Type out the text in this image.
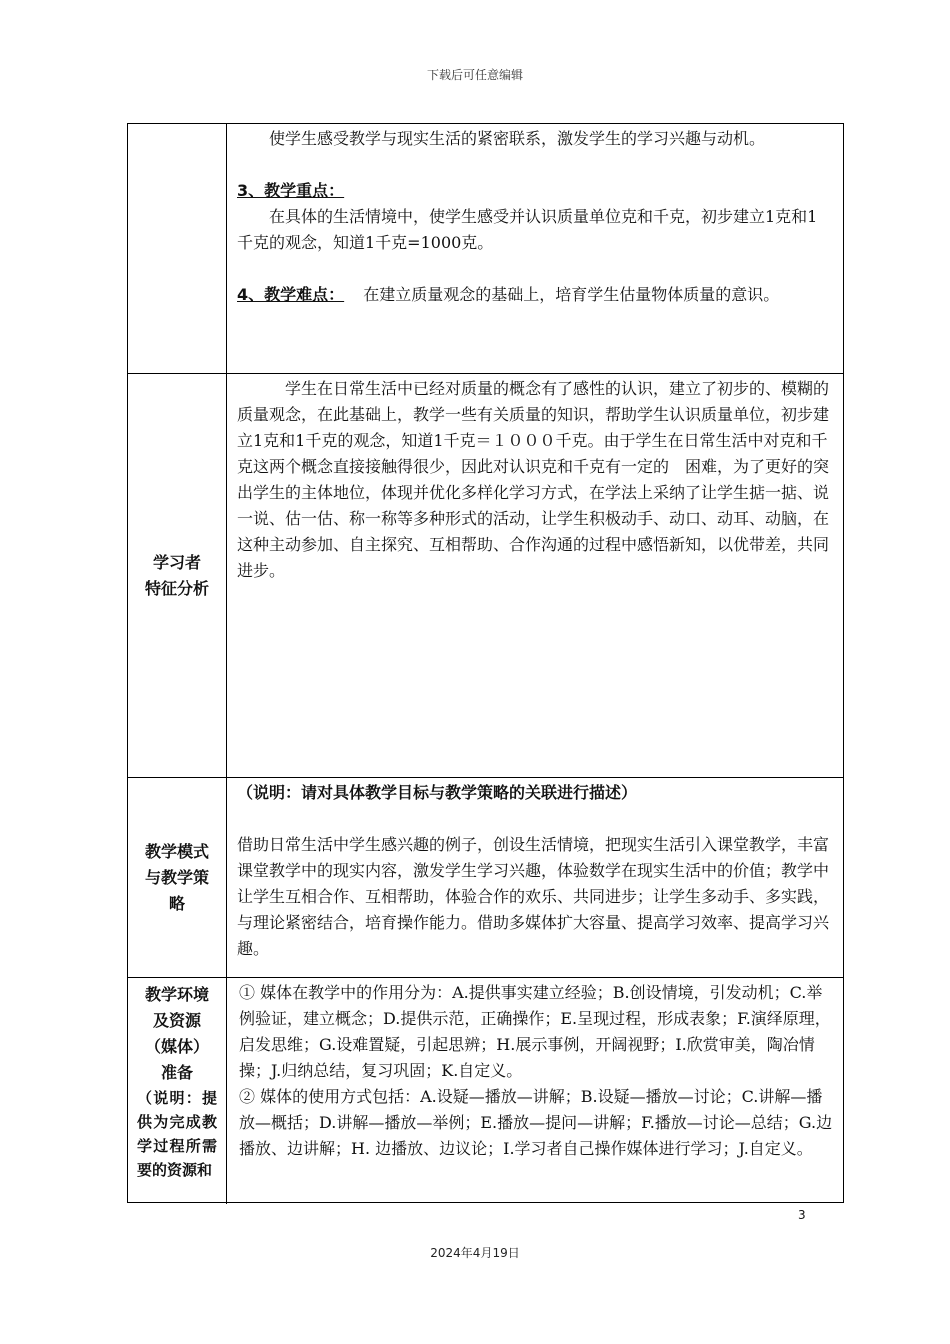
下载后可任意编辑

使学生感受教学与现实生活的紧密联系，激发学生的学习兴趣与动机。

3、教学重点：

在具体的生活情境中，使学生感受并认识质量单位克和千克，初步建立1克和1千克的观念，知道1千克=1000克。

4、教学难点： 在建立质量观念的基础上，培育学生估量物体质量的意识。

学习者
特征分析

学生在日常生活中已经对质量的概念有了感性的认识，建立了初步的、模糊的质量观念，在此基础上，教学一些有关质量的知识，帮助学生认识质量单位，初步建立1克和1千克的观念，知道1千克＝１０００千克。由于学生在日常生活中对克和千克这两个概念直接接触得很少，因此对认识克和千克有一定的　困难，为了更好的突出学生的主体地位，体现并优化多样化学习方式，在学法上采纳了让学生掂一掂、说一说、估一估、称一称等多种形式的活动，让学生积极动手、动口、动耳、动脑，在这种主动参加、自主探究、互相帮助、合作沟通的过程中感悟新知，以优带差，共同进步。

教学模式
与教学策
略

（说明：请对具体教学目标与教学策略的关联进行描述）

借助日常生活中学生感兴趣的例子，创设生活情境，把现实生活引入课堂教学，丰富课堂教学中的现实内容，激发学生学习兴趣，体验数学在现实生活中的价值；教学中让学生互相合作、互相帮助，体验合作的欢乐、共同进步；让学生多动手、多实践，与理论紧密结合，培育操作能力。借助多媒体扩大容量、提高学习效率、提高学习兴趣。

教学环境
及资源
（媒体）
准备
（说明：提供为完成教学过程所需要的资源和

① 媒体在教学中的作用分为：A.提供事实建立经验；B.创设情境，引发动机；C.举例验证，建立概念；D.提供示范，正确操作；E.呈现过程，形成表象；F.演绎原理，启发思维；G.设难置疑，引起思辨；H.展示事例，开阔视野；I.欣赏审美，陶冶情操；J.归纳总结，复习巩固；K.自定义。

② 媒体的使用方式包括：A.设疑—播放—讲解；B.设疑—播放—讨论；C.讲解—播放—概括；D.讲解—播放—举例；E.播放—提问—讲解；F.播放—讨论—总结；G.边播放、边讲解；H. 边播放、边议论；I.学习者自己操作媒体进行学习；J.自定义。

3
2024年4月19日
